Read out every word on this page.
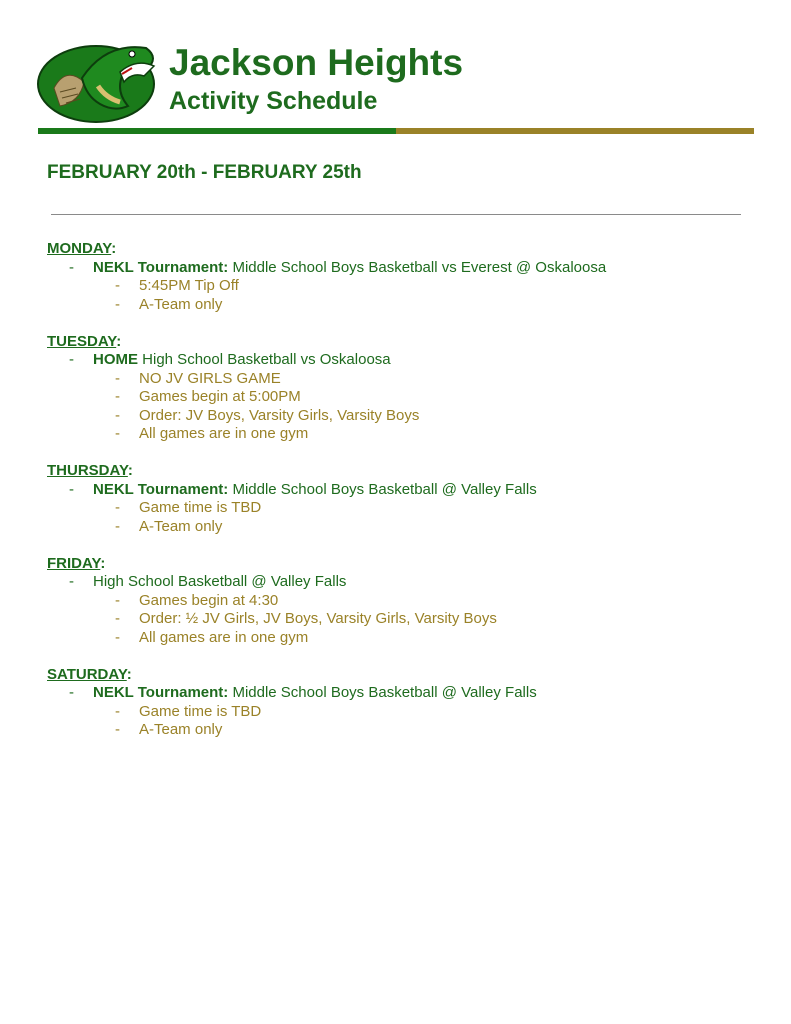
Jackson Heights
Activity Schedule
FEBRUARY 20th - FEBRUARY 25th
MONDAY:
- NEKL Tournament: Middle School Boys Basketball vs Everest @ Oskaloosa
- 5:45PM Tip Off
- A-Team only
TUESDAY:
- HOME High School Basketball vs Oskaloosa
- NO JV GIRLS GAME
- Games begin at 5:00PM
- Order: JV Boys, Varsity Girls, Varsity Boys
- All games are in one gym
THURSDAY:
- NEKL Tournament: Middle School Boys Basketball @ Valley Falls
- Game time is TBD
- A-Team only
FRIDAY:
- High School Basketball @ Valley Falls
- Games begin at 4:30
- Order: ½ JV Girls, JV Boys, Varsity Girls, Varsity Boys
- All games are in one gym
SATURDAY:
- NEKL Tournament: Middle School Boys Basketball @ Valley Falls
- Game time is TBD
- A-Team only
